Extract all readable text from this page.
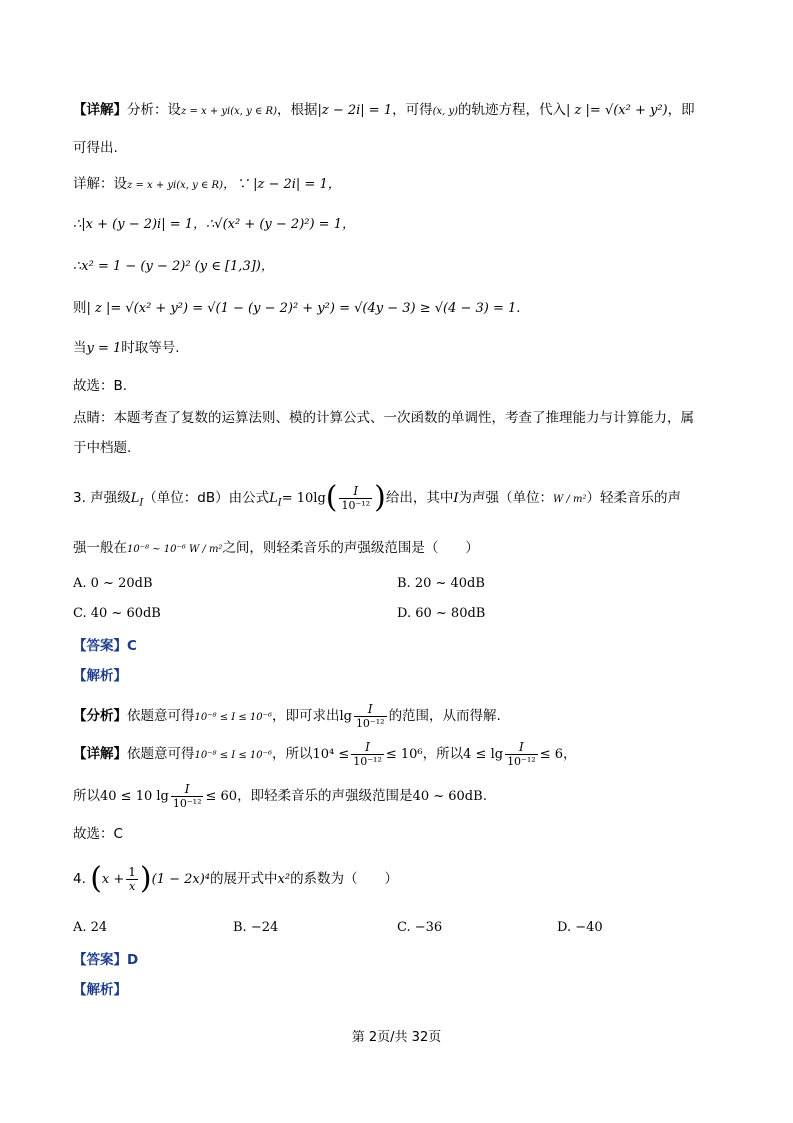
【详解】分析：设z = x + yi(x, y ∈ R)，根据|z − 2i| = 1，可得(x, y)的轨迹方程，代入| z |= √(x² + y²)，即
可得出.
详解：设z = x + yi(x, y ∈ R)，∵ |z − 2i| = 1，
∴|x + (y − 2)i| = 1，∴√(x² + (y − 2)²) = 1，
∴x² = 1 − (y − 2)² (y ∈ [1,3])，
则| z |= √(x² + y²) = √(1 − (y − 2)² + y²) = √(4y − 3) ≥ √(4 − 3) = 1.
当y = 1时取等号.
故选：B.
点睛：本题考查了复数的运算法则、模的计算公式、一次函数的单调性，考查了推理能力与计算能力，属
于中档题.
3. 声强级$L_I$（单位：dB）由公式$L_I= 10\lg( \frac{I}{\text{10⁻¹²}}$ )给出，其中I为声强（单位：W / m²）轻柔音乐的声
强一般在10⁻⁸ ~ 10⁻⁶ W / m²之间，则轻柔音乐的声强级范围是（　　）
A. 0 ~ 20dB	B. 20 ~ 40dB
C. 40 ~ 60dB	D. 60 ~ 80dB
【答案】C
【解析】
【分析】依题意可得10⁻⁸ ≤ I ≤ 10⁻⁶，即可求出$\lg \frac{I}{\text{10⁻¹²}}$ 的范围，从而得解.
【详解】依题意可得10⁻⁸ ≤ I ≤ 10⁻⁶，所以$10^4 \le \frac{I}{\text{10⁻¹²}} \le 10^6$，所以$4 \le \lg \frac{I}{\text{10⁻¹²}} \le 6$，
所以40 ≤ 10 $\lg \frac{I}{\text{10⁻¹²}} \le 60$，即轻柔音乐的声强级范围是40 ~ 60dB.
故选：C
4. $(x + \frac{1}{x} )(1 - 2x)^4$的展开式中x²的系数为（　　）
A. 24	B. −24	C. −36	D. −40
【答案】D
【解析】
第 2页/共 32页
